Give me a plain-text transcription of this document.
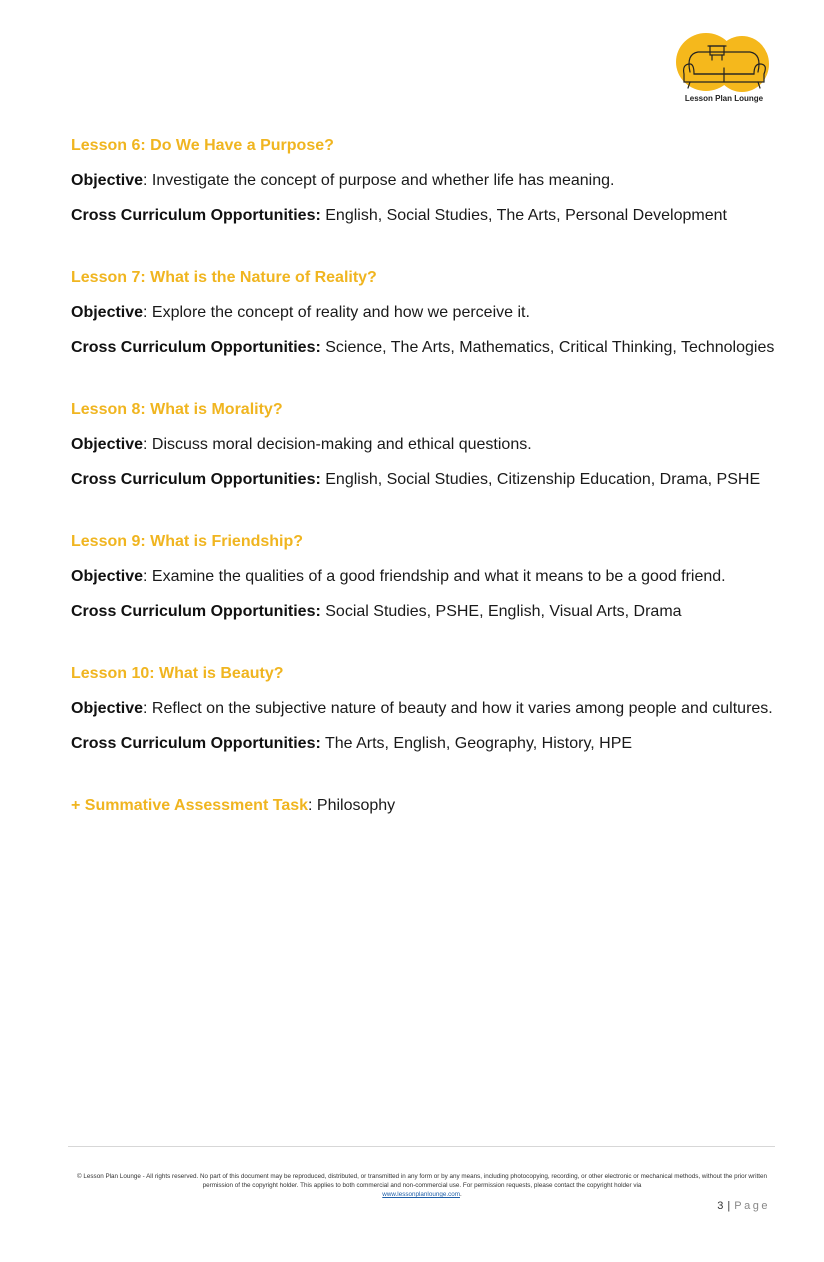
Lesson Plan Lounge
Lesson 6: Do We Have a Purpose?
Objective: Investigate the concept of purpose and whether life has meaning.
Cross Curriculum Opportunities: English, Social Studies, The Arts, Personal Development
Lesson 7: What is the Nature of Reality?
Objective: Explore the concept of reality and how we perceive it.
Cross Curriculum Opportunities: Science, The Arts, Mathematics, Critical Thinking, Technologies
Lesson 8: What is Morality?
Objective: Discuss moral decision-making and ethical questions.
Cross Curriculum Opportunities: English, Social Studies, Citizenship Education, Drama, PSHE
Lesson 9: What is Friendship?
Objective: Examine the qualities of a good friendship and what it means to be a good friend.
Cross Curriculum Opportunities: Social Studies, PSHE, English, Visual Arts, Drama
Lesson 10: What is Beauty?
Objective: Reflect on the subjective nature of beauty and how it varies among people and cultures.
Cross Curriculum Opportunities: The Arts, English, Geography, History, HPE
+ Summative Assessment Task: Philosophy
© Lesson Plan Lounge - All rights reserved. No part of this document may be reproduced, distributed, or transmitted in any form or by any means, including photocopying, recording, or other electronic or mechanical methods, without the prior written permission of the copyright holder. This applies to both commercial and non-commercial use. For permission requests, please contact the copyright holder via
www.lessonplanlounge.com.
3 | Page
